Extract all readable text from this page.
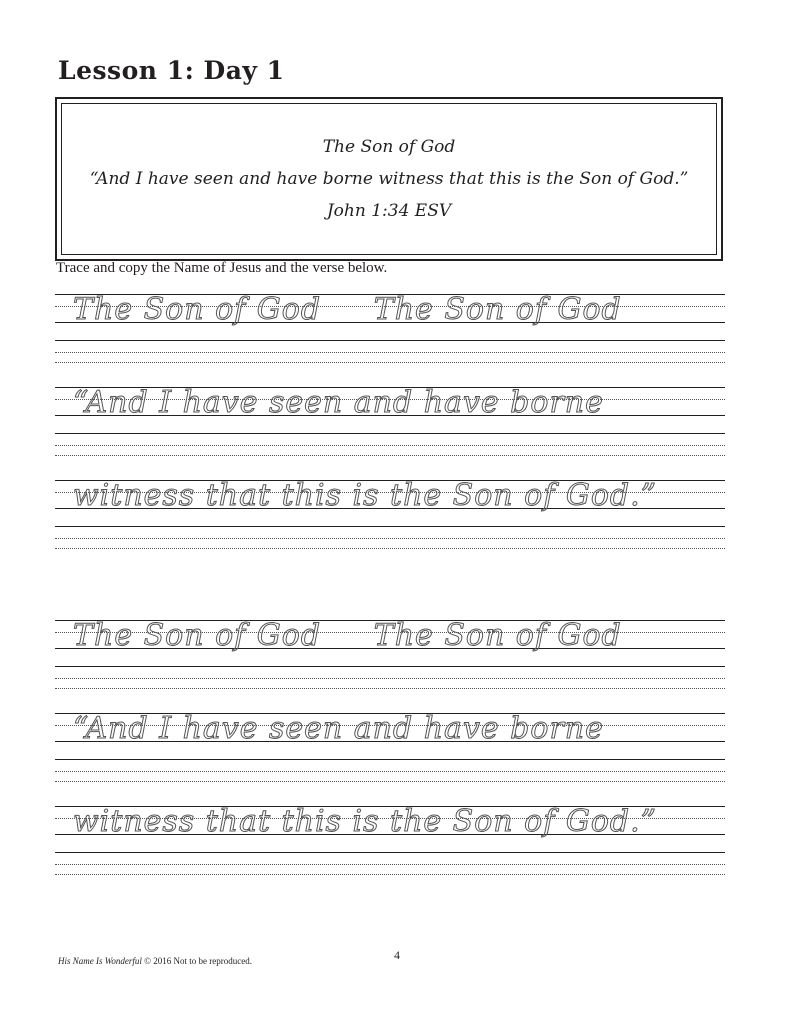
Lesson 1: Day 1
The Son of God
“And I have seen and have borne witness that this is the Son of God.”
John 1:34 ESV
Trace and copy the Name of Jesus and the verse below.
The Son of God     The Son of God
“And I have seen and have borne
witness that this is the Son of God.”
The Son of God     The Son of God
“And I have seen and have borne
witness that this is the Son of God.”
His Name Is Wonderful © 2016 Not to be reproduced.	4
